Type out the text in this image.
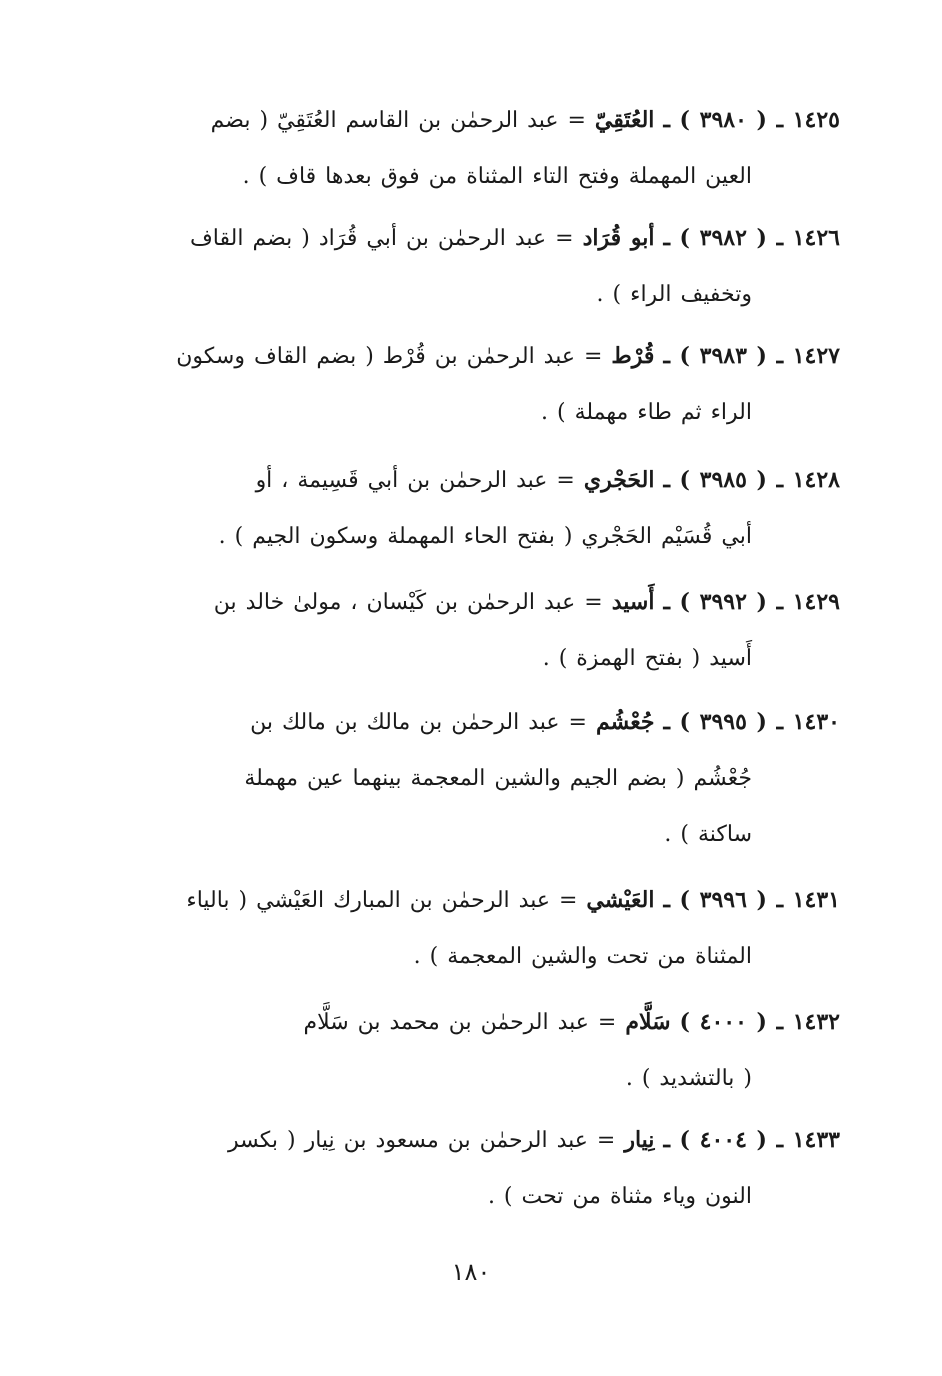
١٤٢٥ ـ ( ٣٩٨٠ ) ـ العُتَقِيّ = عبد الرحمٰن بن القاسم العُتَقِيّ ( بضم
العين المهملة وفتح التاء المثناة من فوق بعدها قاف ) .
١٤٢٦ ـ ( ٣٩٨٢ ) ـ أبو قُرَاد = عبد الرحمٰن بن أبي قُرَاد ( بضم القاف
وتخفيف الراء ) .
١٤٢٧ ـ ( ٣٩٨٣ ) ـ قُرْط = عبد الرحمٰن بن قُرْط ( بضم القاف وسكون
الراء ثم طاء مهملة ) .
١٤٢٨ ـ ( ٣٩٨٥ ) ـ الحَجْري = عبد الرحمٰن بن أبي قَسِيمة ، أو
أبي قُسَيْم الحَجْري ( بفتح الحاء المهملة وسكون الجيم ) .
١٤٢٩ ـ ( ٣٩٩٢ ) ـ أَسيد = عبد الرحمٰن بن كَيْسان ، مولىٰ خالد بن
أَسيد ( بفتح الهمزة ) .
١٤٣٠ ـ ( ٣٩٩٥ ) ـ جُعْشُم = عبد الرحمٰن بن مالك بن مالك بن
جُعْشُم ( بضم الجيم والشين المعجمة بينهما عين مهملة
ساكنة ) .
١٤٣١ ـ ( ٣٩٩٦ ) ـ العَيْشي = عبد الرحمٰن بن المبارك العَيْشي ( بالياء
المثناة من تحت والشين المعجمة ) .
١٤٣٢ ـ ( ٤٠٠٠ ) سَلَّام = عبد الرحمٰن بن محمد بن سَلَّام
( بالتشديد ) .
١٤٣٣ ـ ( ٤٠٠٤ ) ـ نِيار = عبد الرحمٰن بن مسعود بن نِيار ( بكسر
النون وياء مثناة من تحت ) .
١٨٠
